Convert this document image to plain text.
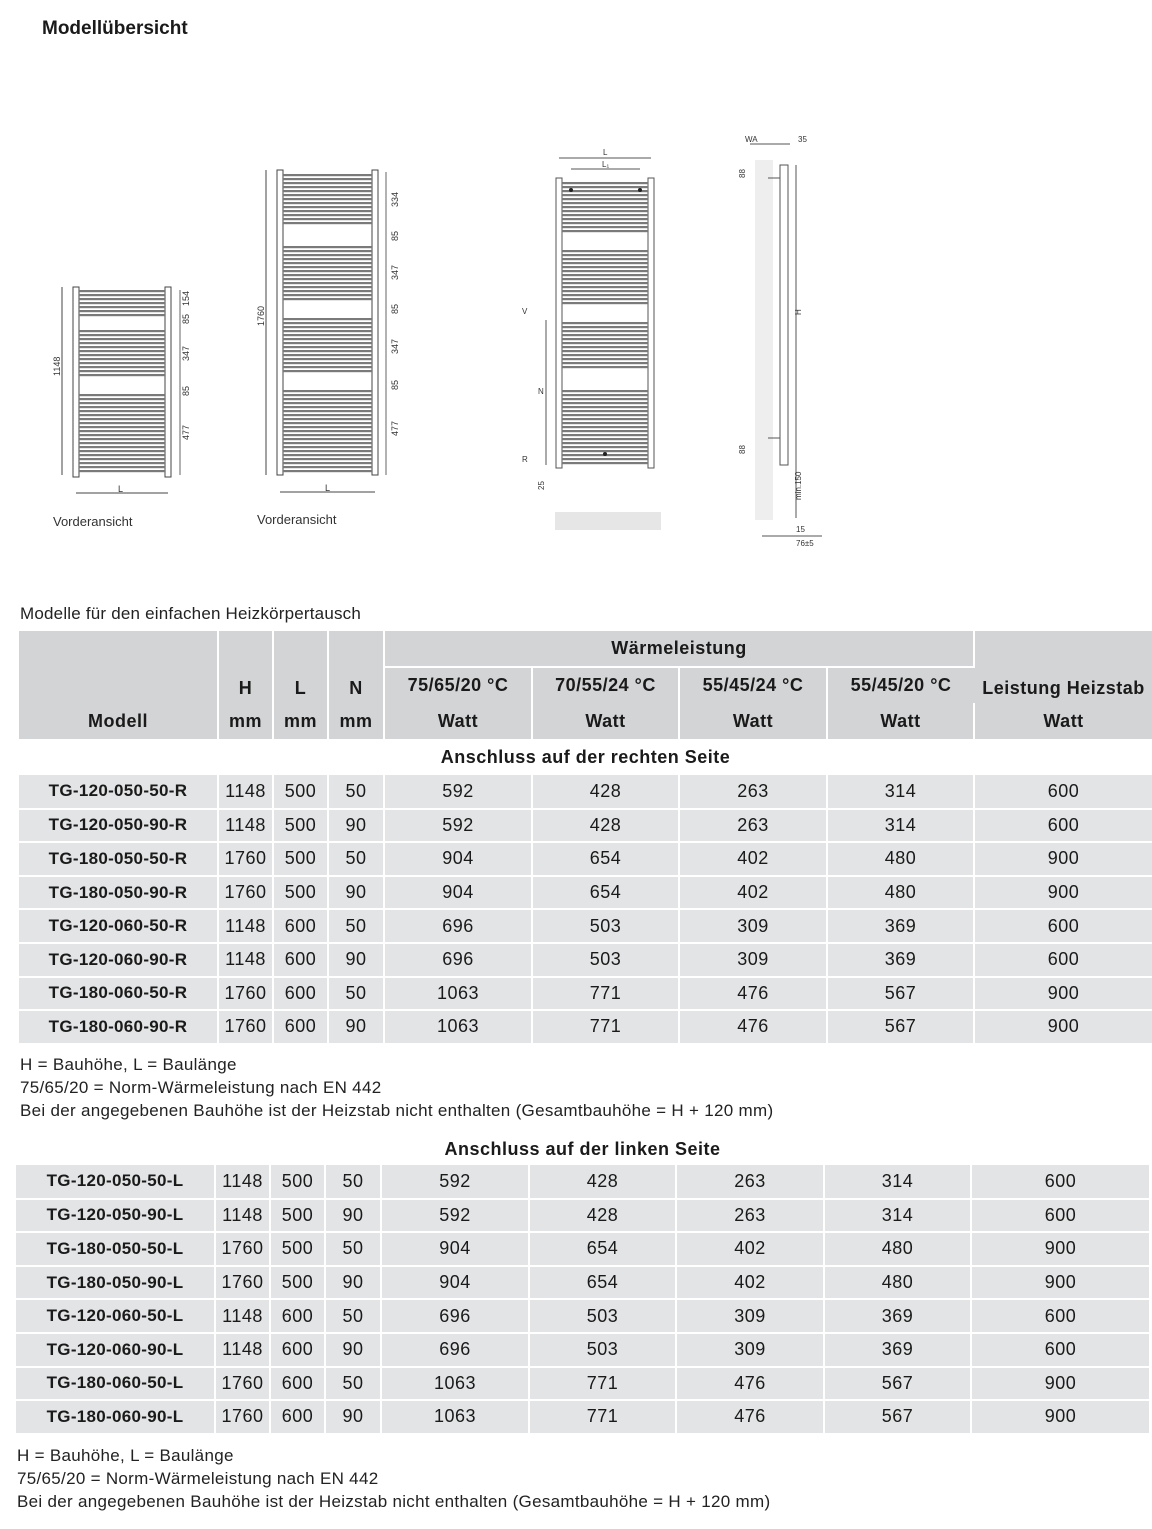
Modellübersicht
1148
L
154
85
347
85
477
1760
L
334
85
347
85
347
85
477
L
L₁
V
N
R
25
WA	35
88
H
88
min.150
15
76±5
Vorderansicht	Vorderansicht
Modelle für den einfachen Heizkörpertausch
	H	L	N	Wärmeleistung				Leistung Heizstab
				75/65/20 °C	70/55/24 °C	55/45/24 °C	55/45/20 °C	
Modell	mm	mm	mm	Watt	Watt	Watt	Watt	Watt
Anschluss auf der rechten Seite								
TG-120-050-50-R	1148	500	50	592	428	263	314	600
TG-120-050-90-R	1148	500	90	592	428	263	314	600
TG-180-050-50-R	1760	500	50	904	654	402	480	900
TG-180-050-90-R	1760	500	90	904	654	402	480	900
TG-120-060-50-R	1148	600	50	696	503	309	369	600
TG-120-060-90-R	1148	600	90	696	503	309	369	600
TG-180-060-50-R	1760	600	50	1063	771	476	567	900
TG-180-060-90-R	1760	600	90	1063	771	476	567	900
H = Bauhöhe, L = Baulänge
75/65/20 = Norm-Wärmeleistung nach EN 442
Bei der angegebenen Bauhöhe ist der Heizstab nicht enthalten (Gesamtbauhöhe = H + 120 mm)
Anschluss auf der linken Seite								
TG-120-050-50-L	1148	500	50	592	428	263	314	600
TG-120-050-90-L	1148	500	90	592	428	263	314	600
TG-180-050-50-L	1760	500	50	904	654	402	480	900
TG-180-050-90-L	1760	500	90	904	654	402	480	900
TG-120-060-50-L	1148	600	50	696	503	309	369	600
TG-120-060-90-L	1148	600	90	696	503	309	369	600
TG-180-060-50-L	1760	600	50	1063	771	476	567	900
TG-180-060-90-L	1760	600	90	1063	771	476	567	900
H = Bauhöhe, L = Baulänge
75/65/20 = Norm-Wärmeleistung nach EN 442
Bei der angegebenen Bauhöhe ist der Heizstab nicht enthalten (Gesamtbauhöhe = H + 120 mm)
